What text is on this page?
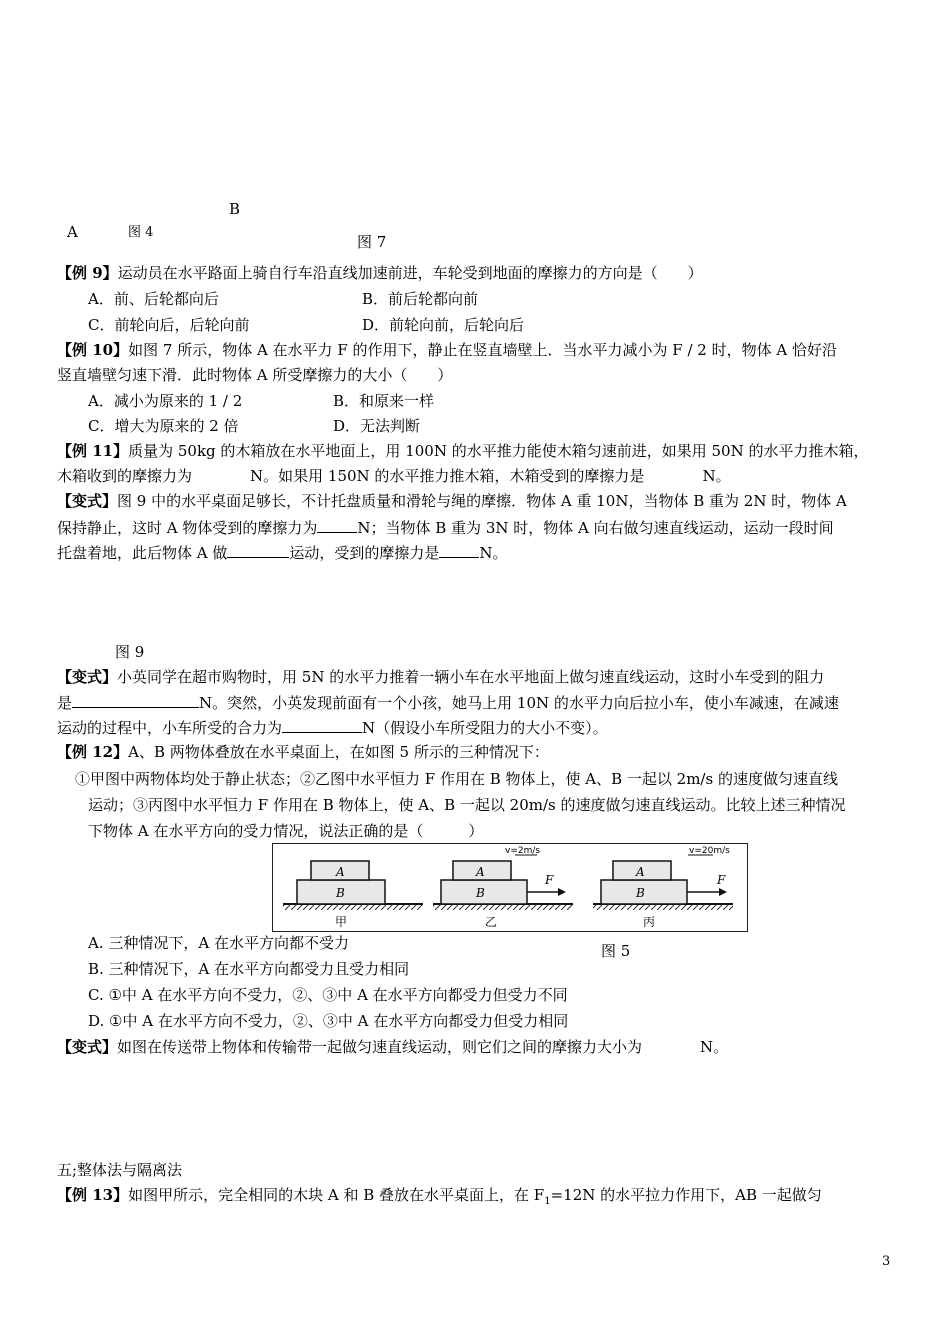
B
A	图 4
图 7
【例 9】运动员在水平路面上骑自行车沿直线加速前进，车轮受到地面的摩擦力的方向是（　　）
A．前、后轮都向后	B．前后轮都向前
C．前轮向后，后轮向前	D．前轮向前，后轮向后
【例 10】如图 7 所示，物体 A 在水平力 F 的作用下，静止在竖直墙壁上．当水平力减小为 F / 2 时，物体 A 恰好沿
竖直墙壁匀速下滑．此时物体 A 所受摩擦力的大小（　　）
A．减小为原来的 1 / 2	B．和原来一样
C．增大为原来的 2 倍	D．无法判断
【例 11】质量为 50kg 的木箱放在水平地面上，用 100N 的水平推力能使木箱匀速前进，如果用 50N 的水平力推木箱，
木箱收到的摩擦力为	N。如果用 150N 的水平推力推木箱，木箱受到的摩擦力是	N。
【变式】图 9 中的水平桌面足够长，不计托盘质量和滑轮与绳的摩擦．物体 A 重 10N，当物体 B 重为 2N 时，物体 A
保持静止，这时 A 物体受到的摩擦力为	N；当物体 B 重为 3N 时，物体 A 向右做匀速直线运动，运动一段时间
托盘着地，此后物体 A 做	运动，受到的摩擦力是	N。
图 9
【变式】小英同学在超市购物时，用 5N 的水平力推着一辆小车在水平地面上做匀速直线运动，这时小车受到的阻力
是	N。突然，小英发现前面有一个小孩，她马上用 10N 的水平力向后拉小车，使小车减速，在减速
运动的过程中，小车所受的合力为	N（假设小车所受阻力的大小不变）。
【例 12】A、B 两物体叠放在水平桌面上，在如图 5 所示的三种情况下：
①甲图中两物体均处于静止状态；②乙图中水平恒力 F 作用在 B 物体上，使 A、B 一起以 2m/s 的速度做匀速直线
运动；③丙图中水平恒力 F 作用在 B 物体上，使 A、B 一起以 20m/s 的速度做匀速直线运动。比较上述三种情况
下物体 A 在水平方向的受力情况，说法正确的是（　　　）
A
B
甲
A
B
F
v=2m/s
乙
A
B
F
v=20m/s
丙
A. 三种情况下，A 在水平方向都不受力	图 5
B. 三种情况下，A 在水平方向都受力且受力相同
C. ①中 A 在水平方向不受力，②、③中 A 在水平方向都受力但受力不同
D. ①中 A 在水平方向不受力，②、③中 A 在水平方向都受力但受力相同
【变式】如图在传送带上物体和传输带一起做匀速直线运动，则它们之间的摩擦力大小为	N。
五;整体法与隔离法
【例 13】如图甲所示，完全相同的木块 A 和 B 叠放在水平桌面上，在 $F_1=12N$ 的水平拉力作用下，AB 一起做匀
3
